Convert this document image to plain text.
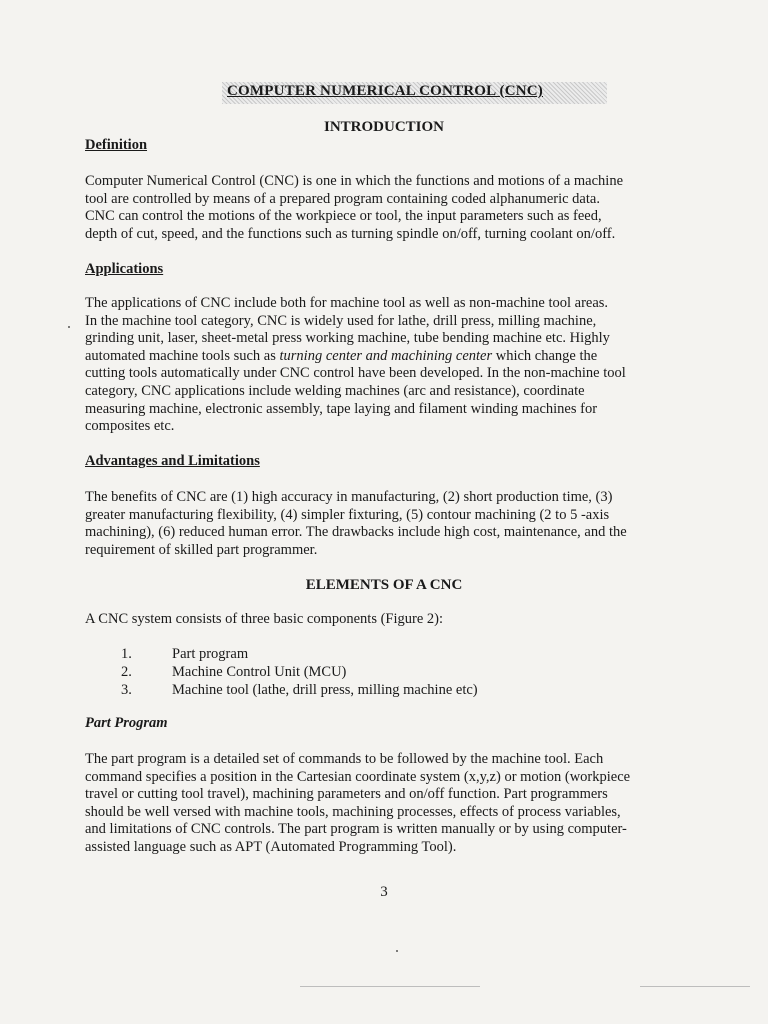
COMPUTER NUMERICAL CONTROL (CNC)
INTRODUCTION
Definition
Computer Numerical Control (CNC) is one in which the functions and motions of a machine
tool are controlled by means of a prepared program containing coded alphanumeric data.
CNC can control the motions of the workpiece or tool, the input parameters such as feed,
depth of cut, speed, and the functions such as turning spindle on/off, turning coolant on/off.
Applications
The applications of CNC include both for machine tool as well as non-machine tool areas.
In the machine tool category, CNC is widely used for lathe, drill press, milling machine,
grinding unit, laser, sheet-metal press working machine, tube bending machine etc. Highly
automated machine tools such as turning center and machining center which change the
cutting tools automatically under CNC control have been developed. In the non-machine tool
category, CNC applications include welding machines (arc and resistance), coordinate
measuring machine, electronic assembly, tape laying and filament winding machines for
composites etc.
Advantages and Limitations
The benefits of CNC are (1) high accuracy in manufacturing, (2) short production time, (3)
greater manufacturing flexibility, (4) simpler fixturing, (5) contour machining (2 to 5 -axis
machining), (6) reduced human error. The drawbacks include high cost, maintenance, and the
requirement of skilled part programmer.
ELEMENTS OF A CNC
A CNC system consists of three basic components (Figure 2):
1.	Part program
2.	Machine Control Unit (MCU)
3.	Machine tool (lathe, drill press, milling machine etc)
Part Program
The part program is a detailed set of commands to be followed by the machine tool. Each
command specifies a position in the Cartesian coordinate system (x,y,z) or motion (workpiece
travel or cutting tool travel), machining parameters and on/off function. Part programmers
should be well versed with machine tools, machining processes, effects of process variables,
and limitations of CNC controls. The part program is written manually or by using computer-
assisted language such as APT (Automated Programming Tool).
3
